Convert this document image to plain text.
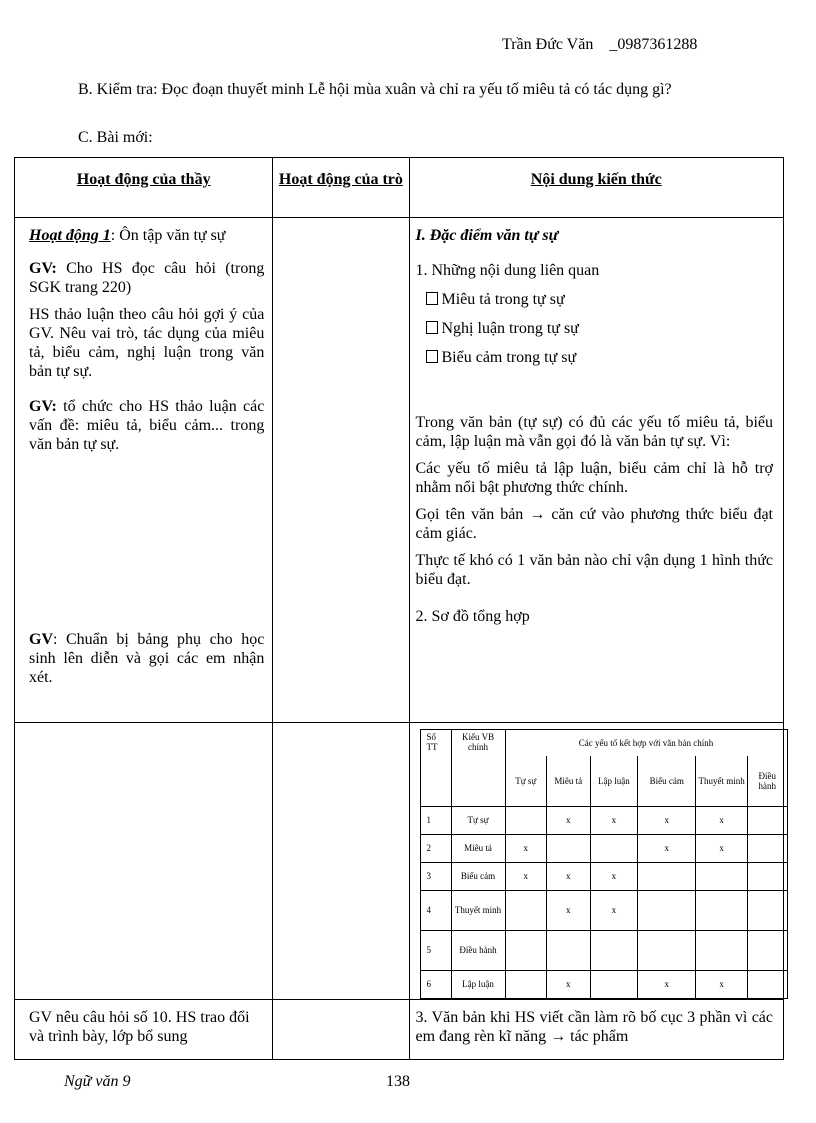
Trần Đức Văn _0987361288
B. Kiểm tra: Đọc đoạn thuyết minh Lễ hội mùa xuân và chỉ ra yếu tố miêu tả có tác dụng gì?
C. Bài mới:
Hoạt động của thầy	Hoạt động của trò	Nội dung kiến thức

Hoạt động 1: Ôn tập văn tự sự

GV: Cho HS đọc câu hỏi (trong SGK trang 220)

HS thảo luận theo câu hỏi gợi ý của GV. Nêu vai trò, tác dụng của miêu tả, biểu cảm, nghị luận trong văn bản tự sự.

GV: tổ chức cho HS thảo luận các vấn đề: miêu tả, biểu cảm... trong văn bản tự sự.

GV: Chuẩn bị bảng phụ cho học sinh lên diễn và gọi các em nhận xét.

I. Đặc điểm văn tự sự

1. Những nội dung liên quan

Miêu tả trong tự sự

Nghị luận trong tự sự

Biểu cảm trong tự sự

Trong văn bản (tự sự) có đủ các yếu tố miêu tả, biểu cảm, lập luận mà vẫn gọi đó là văn bản tự sự. Vì:

Các yếu tố miêu tả lập luận, biểu cảm chỉ là hỗ trợ nhằm nổi bật phương thức chính.

Gọi tên văn bản → căn cứ vào phương thức biểu đạt cảm giác.

Thực tế khó có 1 văn bản nào chỉ vận dụng 1 hình thức biểu đạt.

2. Sơ đồ tổng hợp

Số TT	Kiểu VB chính	Các yếu tố kết hợp với văn bản chính
Tự sự	Miêu tả	Lập luận	Biểu cảm	Thuyết minh	Điều hành
1	Tự sự		x	x	x	x	
2	Miêu tả	x			x	x	
3	Biểu cảm	x	x	x			
4	Thuyết minh		x	x			
5	Điều hành						
6	Lập luận		x		x	x	

GV nêu câu hỏi số 10. HS trao đổi và trình bày, lớp bổ sung

3. Văn bản khi HS viết cần làm rõ bố cục 3 phần vì các em đang rèn kĩ năng → tác phẩm

Ngữ văn 9	138
